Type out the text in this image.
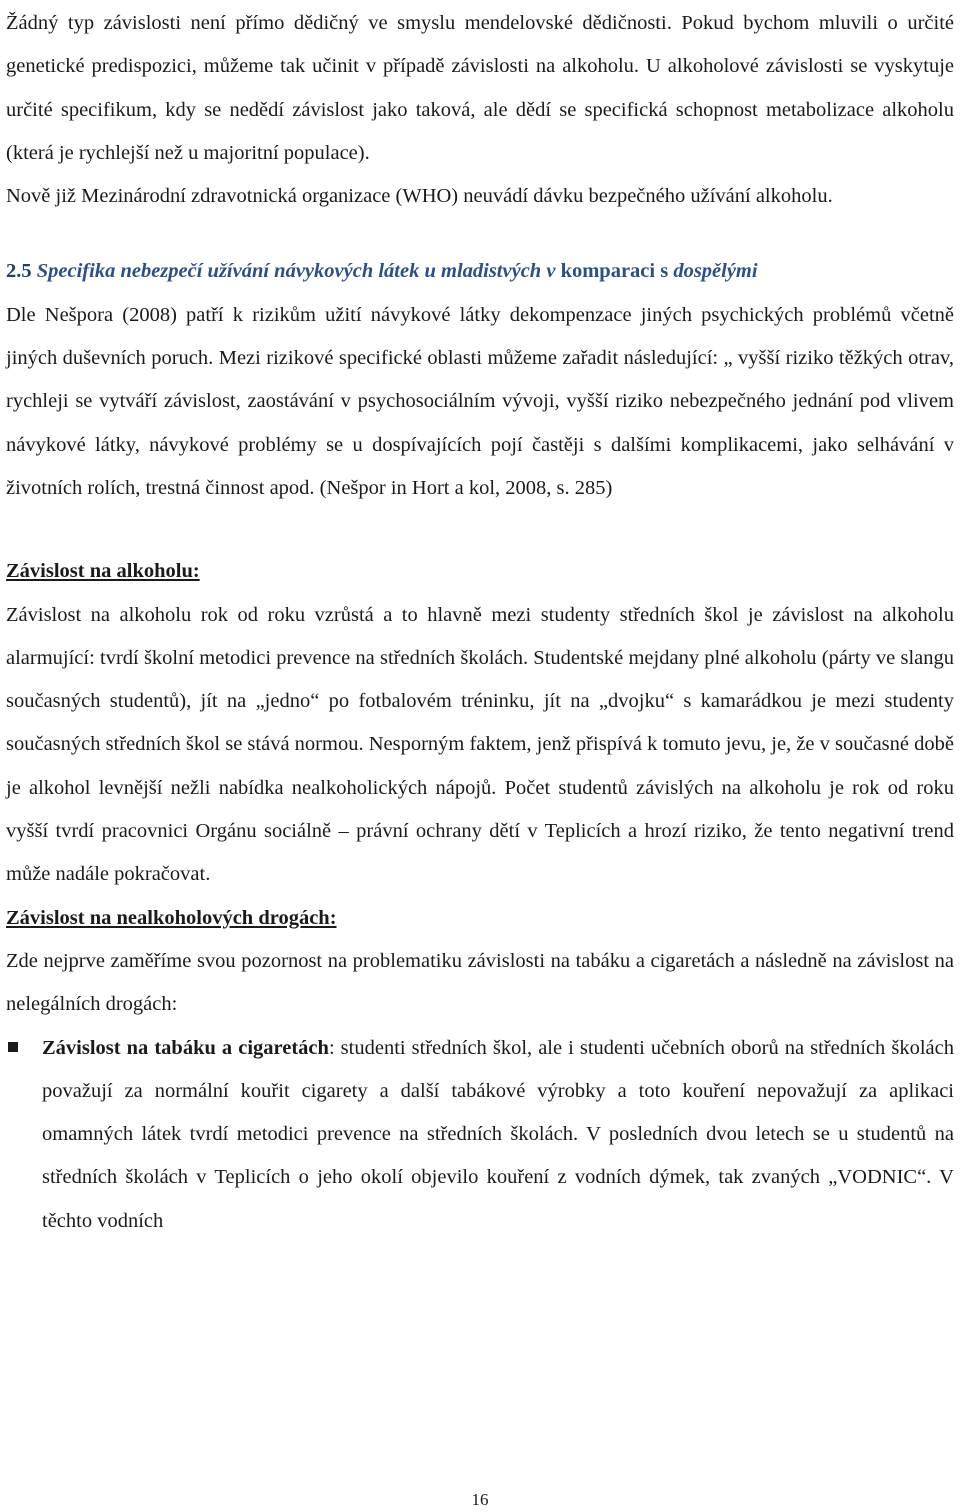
Žádný typ závislosti není přímo dědičný ve smyslu mendelovské dědičnosti. Pokud bychom mluvili o určité genetické predispozici, můžeme tak učinit v případě závislosti na alkoholu. U alkoholové závislosti se vyskytuje určité specifikum, kdy se nedědí závislost jako taková, ale dědí se specifická schopnost metabolizace alkoholu (která je rychlejší než u majoritní populace).

Nově již Mezinárodní zdravotnická organizace (WHO) neuvádí dávku bezpečného užívání alkoholu.

2.5 Specifika nebezpečí užívání návykových látek u mladistvých v komparaci s dospělými

Dle Nešpora (2008) patří k rizikům užití návykové látky dekompenzace jiných psychických problémů včetně jiných duševních poruch. Mezi rizikové specifické oblasti můžeme zařadit následující: „ vyšší riziko těžkých otrav, rychleji se vytváří závislost, zaostávání v psychosociálním vývoji, vyšší riziko nebezpečného jednání pod vlivem návykové látky, návykové problémy se u dospívajících pojí častěji s dalšími komplikacemi, jako selhávání v životních rolích, trestná činnost apod. (Nešpor in Hort a kol, 2008, s. 285)

Závislost na alkoholu:

Závislost na alkoholu rok od roku vzrůstá a to hlavně mezi studenty středních škol je závislost na alkoholu alarmující: tvrdí školní metodici prevence na středních školách. Studentské mejdany plné alkoholu (párty ve slangu současných studentů), jít na „jedno“ po fotbalovém tréninku, jít na „dvojku“ s kamarádkou je mezi studenty současných středních škol se stává normou. Nesporným faktem, jenž přispívá k tomuto jevu, je, že v současné době je alkohol levnější nežli nabídka nealkoholických nápojů. Počet studentů závislých na alkoholu je rok od roku vyšší tvrdí pracovnici Orgánu sociálně – právní ochrany dětí v Teplicích a hrozí riziko, že tento negativní trend může nadále pokračovat.

Závislost na nealkoholových drogách:

Zde nejprve zaměříme svou pozornost na problematiku závislosti na tabáku a cigaretách a následně na závislost na nelegálních drogách:

Závislost na tabáku a cigaretách: studenti středních škol, ale i studenti učebních oborů na středních školách považují za normální kouřit cigarety a další tabákové výrobky a toto kouření nepovažují za aplikaci omamných látek tvrdí metodici prevence na středních školách. V posledních dvou letech se u studentů na středních školách v Teplicích o jeho okolí objevilo kouření z vodních dýmek, tak zvaných „VODNIC“. V těchto vodních

16
